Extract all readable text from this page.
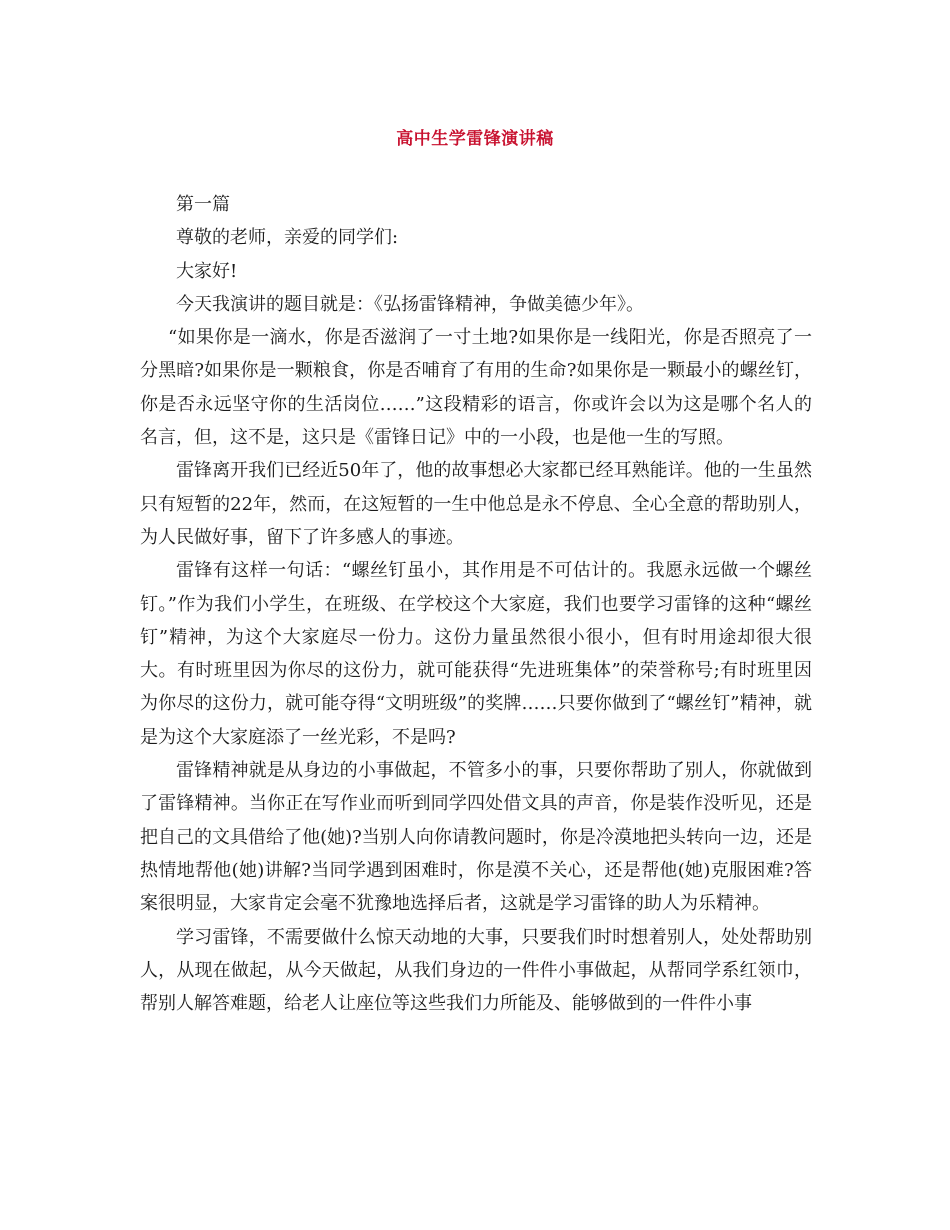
高中生学雷锋演讲稿

第一篇

尊敬的老师，亲爱的同学们:

大家好!

今天我演讲的题目就是：《弘扬雷锋精神，争做美德少年》。

“如果你是一滴水，你是否滋润了一寸土地?如果你是一线阳光，你是否照亮了一分黑暗?如果你是一颗粮食，你是否哺育了有用的生命?如果你是一颗最小的螺丝钉，你是否永远坚守你的生活岗位……”这段精彩的语言，你或许会以为这是哪个名人的名言，但，这不是，这只是《雷锋日记》中的一小段，也是他一生的写照。

雷锋离开我们已经近50年了，他的故事想必大家都已经耳熟能详。他的一生虽然只有短暂的22年，然而，在这短暂的一生中他总是永不停息、全心全意的帮助别人，为人民做好事，留下了许多感人的事迹。

雷锋有这样一句话：“螺丝钉虽小，其作用是不可估计的。我愿永远做一个螺丝钉。”作为我们小学生，在班级、在学校这个大家庭，我们也要学习雷锋的这种“螺丝钉”精神，为这个大家庭尽一份力。这份力量虽然很小很小，但有时用途却很大很大。有时班里因为你尽的这份力，就可能获得“先进班集体”的荣誉称号;有时班里因为你尽的这份力，就可能夺得“文明班级”的奖牌……只要你做到了“螺丝钉”精神，就是为这个大家庭添了一丝光彩，不是吗?

雷锋精神就是从身边的小事做起，不管多小的事，只要你帮助了别人，你就做到了雷锋精神。当你正在写作业而听到同学四处借文具的声音，你是装作没听见，还是把自己的文具借给了他(她)?当别人向你请教问题时，你是冷漠地把头转向一边，还是热情地帮他(她)讲解?当同学遇到困难时，你是漠不关心，还是帮他(她)克服困难?答案很明显，大家肯定会毫不犹豫地选择后者，这就是学习雷锋的助人为乐精神。

学习雷锋，不需要做什么惊天动地的大事，只要我们时时想着别人，处处帮助别人，从现在做起，从今天做起，从我们身边的一件件小事做起，从帮同学系红领巾，帮别人解答难题，给老人让座位等这些我们力所能及、能够做到的一件件小事
